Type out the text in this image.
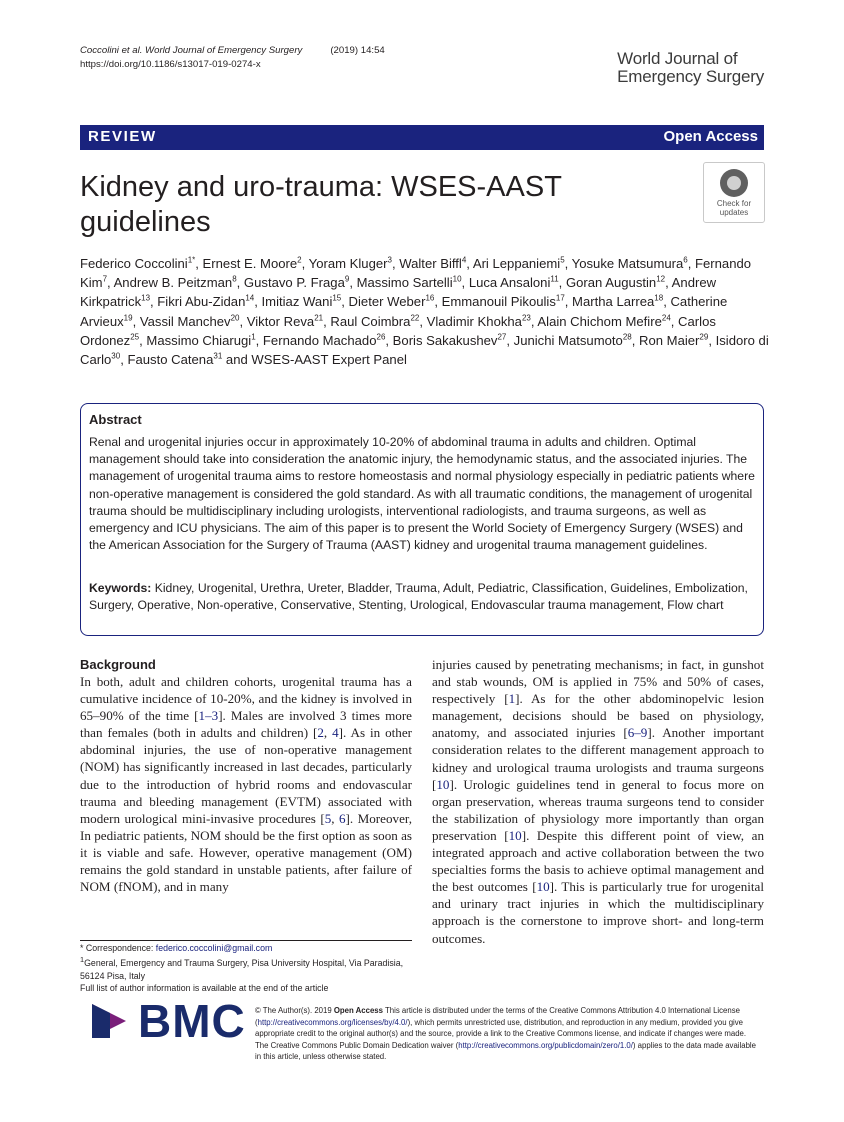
Coccolini et al. World Journal of Emergency Surgery	(2019) 14:54
https://doi.org/10.1186/s13017-019-0274-x	World Journal of
Emergency Surgery
REVIEW	Open Access
Kidney and uro-trauma: WSES-AAST guidelines
Check for
updates
Federico Coccolini$^{1*}$, Ernest E. Moore$^2$, Yoram Kluger$^3$, Walter Biffl$^4$, Ari Leppaniemi$^5$, Yosuke Matsumura$^6$, Fernando Kim$^7$, Andrew B. Peitzman$^8$, Gustavo P. Fraga$^9$, Massimo Sartelli$^{10}$, Luca Ansaloni$^{11}$, Goran Augustin$^{12}$, Andrew Kirkpatrick$^{13}$, Fikri Abu-Zidan$^{14}$, Imitiaz Wani$^{15}$, Dieter Weber$^{16}$, Emmanouil Pikoulis$^{17}$, Martha Larrea$^{18}$, Catherine Arvieux$^{19}$, Vassil Manchev$^{20}$, Viktor Reva$^{21}$, Raul Coimbra$^{22}$, Vladimir Khokha$^{23}$, Alain Chichom Mefire$^{24}$, Carlos Ordonez$^{25}$, Massimo Chiarugi$^1$, Fernando Machado$^{26}$, Boris Sakakushev$^{27}$, Junichi Matsumoto$^{28}$, Ron Maier$^{29}$, Isidoro di Carlo$^{30}$, Fausto Catena$^{31}$ and WSES-AAST Expert Panel
Abstract
Renal and urogenital injuries occur in approximately 10-20% of abdominal trauma in adults and children. Optimal management should take into consideration the anatomic injury, the hemodynamic status, and the associated injuries. The management of urogenital trauma aims to restore homeostasis and normal physiology especially in pediatric patients where non-operative management is considered the gold standard. As with all traumatic conditions, the management of urogenital trauma should be multidisciplinary including urologists, interventional radiologists, and trauma surgeons, as well as emergency and ICU physicians. The aim of this paper is to present the World Society of Emergency Surgery (WSES) and the American Association for the Surgery of Trauma (AAST) kidney and urogenital trauma management guidelines.
Keywords: Kidney, Urogenital, Urethra, Ureter, Bladder, Trauma, Adult, Pediatric, Classification, Guidelines, Embolization, Surgery, Operative, Non-operative, Conservative, Stenting, Urological, Endovascular trauma management, Flow chart
Background
In both, adult and children cohorts, urogenital trauma has a cumulative incidence of 10-20%, and the kidney is involved in 65–90% of the time [1–3]. Males are involved 3 times more than females (both in adults and children) [2, 4]. As in other abdominal injuries, the use of non-operative management (NOM) has significantly increased in last decades, particularly due to the introduction of hybrid rooms and endovascular trauma and bleeding management (EVTM) associated with modern urological mini-invasive procedures [5, 6]. Moreover, In pediatric patients, NOM should be the first option as soon as it is viable and safe. However, operative management (OM) remains the gold standard in unstable patients, after failure of NOM (fNOM), and in many
injuries caused by penetrating mechanisms; in fact, in gunshot and stab wounds, OM is applied in 75% and 50% of cases, respectively [1]. As for the other abdominopelvic lesion management, decisions should be based on physiology, anatomy, and associated injuries [6–9]. Another important consideration relates to the different management approach to kidney and urological trauma urologists and trauma surgeons [10]. Urologic guidelines tend in general to focus more on organ preservation, whereas trauma surgeons tend to consider the stabilization of physiology more importantly than organ preservation [10]. Despite this different point of view, an integrated approach and active collaboration between the two specialties forms the basis to achieve optimal management and the best outcomes [10]. This is particularly true for urogenital and urinary tract injuries in which the multidisciplinary approach is the cornerstone to improve short- and long-term outcomes.
* Correspondence: federico.coccolini@gmail.com
$^1$General, Emergency and Trauma Surgery, Pisa University Hospital, Via Paradisia, 56124 Pisa, Italy
Full list of author information is available at the end of the article
BMC © The Author(s). 2019 Open Access This article is distributed under the terms of the Creative Commons Attribution 4.0 International License (http://creativecommons.org/licenses/by/4.0/), which permits unrestricted use, distribution, and reproduction in any medium, provided you give appropriate credit to the original author(s) and the source, provide a link to the Creative Commons license, and indicate if changes were made. The Creative Commons Public Domain Dedication waiver (http://creativecommons.org/publicdomain/zero/1.0/) applies to the data made available in this article, unless otherwise stated.
